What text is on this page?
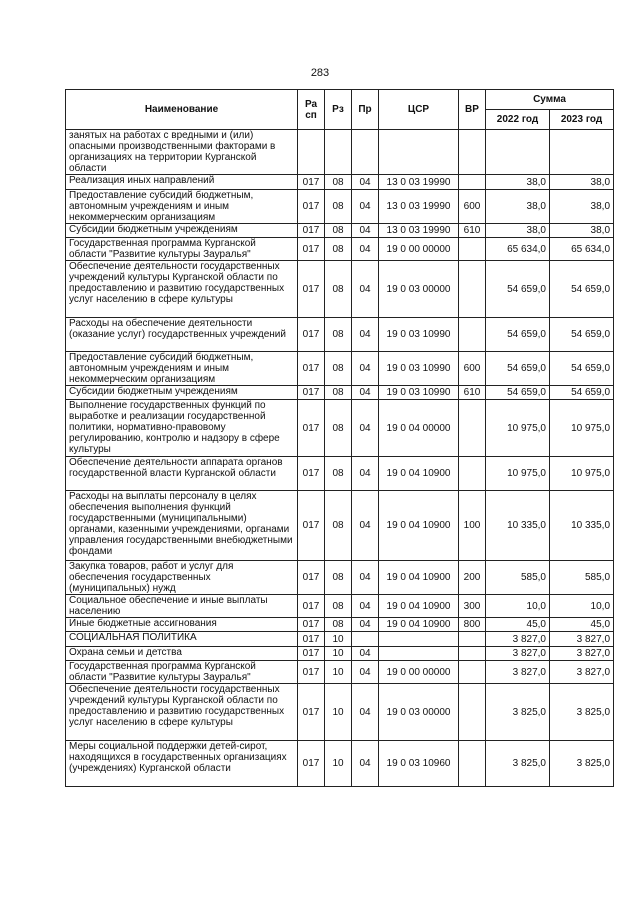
283
Наименование	Ра сп	Рз	Пр	ЦСР	ВР	Сумма	
						2022 год	2023 год
занятых на работах с вредными и (или) опасными производственными факторами в организациях на территории Курганской области							
Реализация иных направлений	017	08	04	13 0 03 19990		38,0	38,0
Предоставление субсидий бюджетным, автономным учреждениям и иным некоммерческим организациям	017	08	04	13 0 03 19990	600	38,0	38,0
Субсидии бюджетным учреждениям	017	08	04	13 0 03 19990	610	38,0	38,0
Государственная программа Курганской области "Развитие культуры Зауралья"	017	08	04	19 0 00 00000		65 634,0	65 634,0
Обеспечение деятельности государственных учреждений культуры Курганской области по предоставлению и развитию государственных услуг населению в сфере культуры	017	08	04	19 0 03 00000		54 659,0	54 659,0
Расходы на обеспечение деятельности (оказание услуг) государственных учреждений	017	08	04	19 0 03 10990		54 659,0	54 659,0
Предоставление субсидий бюджетным, автономным учреждениям и иным некоммерческим организациям	017	08	04	19 0 03 10990	600	54 659,0	54 659,0
Субсидии бюджетным учреждениям	017	08	04	19 0 03 10990	610	54 659,0	54 659,0
Выполнение государственных функций по выработке и реализации государственной политики, нормативно-правовому регулированию, контролю и надзору в сфере культуры	017	08	04	19 0 04 00000		10 975,0	10 975,0
Обеспечение деятельности аппарата органов государственной власти Курганской области	017	08	04	19 0 04 10900		10 975,0	10 975,0
Расходы на выплаты персоналу в целях обеспечения выполнения функций государственными (муниципальными) органами, казенными учреждениями, органами управления государственными внебюджетными фондами	017	08	04	19 0 04 10900	100	10 335,0	10 335,0
Закупка товаров, работ и услуг для обеспечения государственных (муниципальных) нужд	017	08	04	19 0 04 10900	200	585,0	585,0
Социальное обеспечение и иные выплаты населению	017	08	04	19 0 04 10900	300	10,0	10,0
Иные бюджетные ассигнования	017	08	04	19 0 04 10900	800	45,0	45,0
СОЦИАЛЬНАЯ ПОЛИТИКА	017	10				3 827,0	3 827,0
Охрана семьи и детства	017	10	04			3 827,0	3 827,0
Государственная программа Курганской области "Развитие культуры Зауралья"	017	10	04	19 0 00 00000		3 827,0	3 827,0
Обеспечение деятельности государственных учреждений культуры Курганской области по предоставлению и развитию государственных услуг населению в сфере культуры	017	10	04	19 0 03 00000		3 825,0	3 825,0
Меры социальной поддержки детей-сирот, находящихся в государственных организациях (учреждениях) Курганской области	017	10	04	19 0 03 10960		3 825,0	3 825,0
